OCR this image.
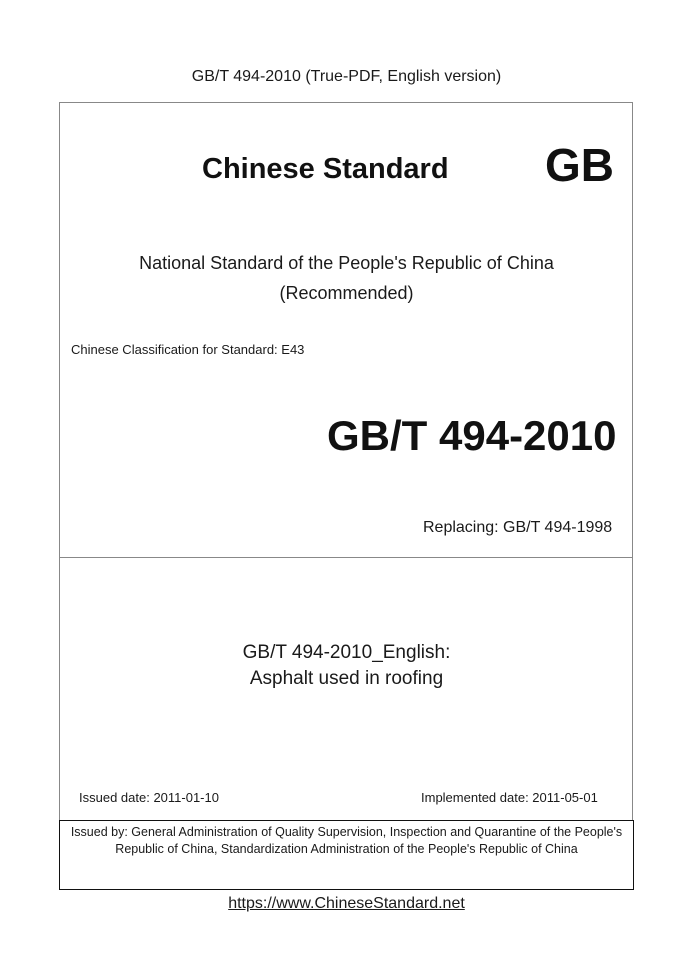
GB/T 494-2010 (True-PDF, English version)
Chinese Standard GB
National Standard of the People's Republic of China
(Recommended)
Chinese Classification for Standard: E43
GB/T 494-2010
Replacing: GB/T 494-1998
GB/T 494-2010_English:
Asphalt used in roofing
Issued date: 2011-01-10	Implemented date: 2011-05-01
Issued by: General Administration of Quality Supervision, Inspection and Quarantine of the People's Republic of China, Standardization Administration of the People's Republic of China
https://www.ChineseStandard.net
